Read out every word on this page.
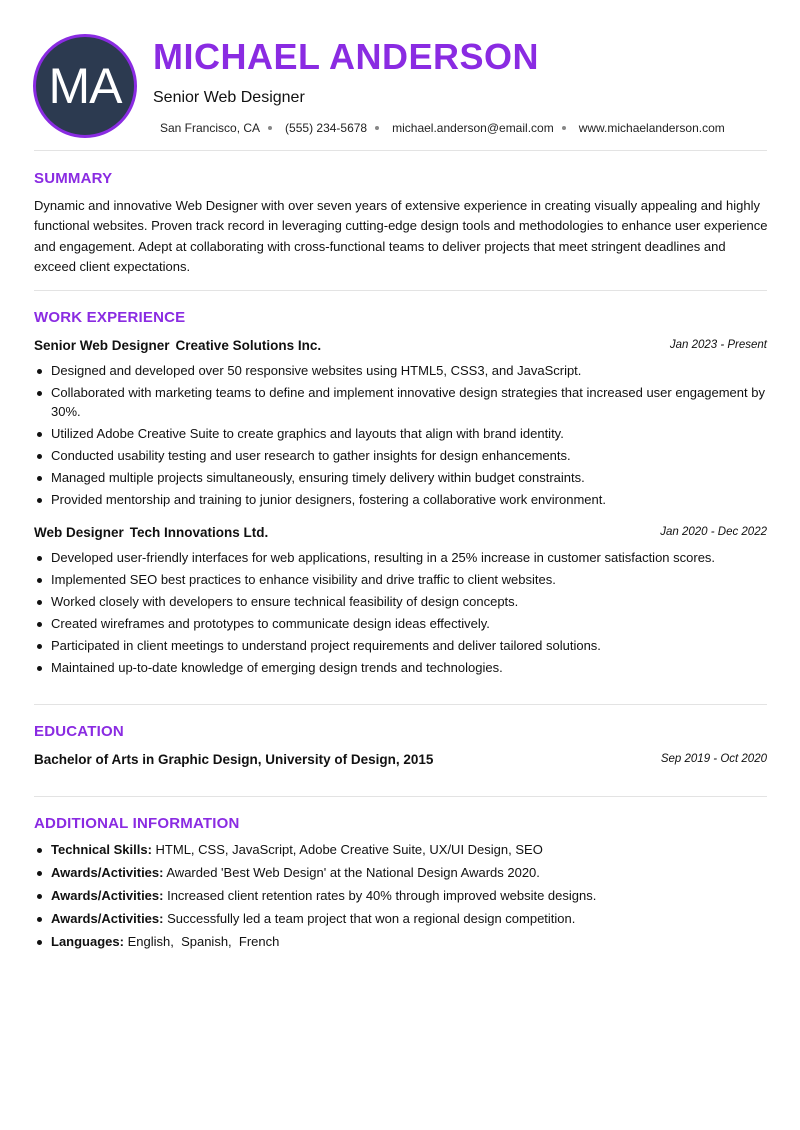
MA
MICHAEL ANDERSON
Senior Web Designer
San Francisco, CA (555) 234-5678 michael.anderson@email.com www.michaelanderson.com
SUMMARY

Dynamic and innovative Web Designer with over seven years of extensive experience in creating visually appealing and highly functional websites. Proven track record in leveraging cutting-edge design tools and methodologies to enhance user experience and engagement. Adept at collaborating with cross-functional teams to deliver projects that meet stringent deadlines and exceed client expectations.

WORK EXPERIENCE
Senior Web Designer Creative Solutions Inc.	Jan 2023 - Present
Designed and developed over 50 responsive websites using HTML5, CSS3, and JavaScript.
Collaborated with marketing teams to define and implement innovative design strategies that increased user engagement by 30%.
Utilized Adobe Creative Suite to create graphics and layouts that align with brand identity.
Conducted usability testing and user research to gather insights for design enhancements.
Managed multiple projects simultaneously, ensuring timely delivery within budget constraints.
Provided mentorship and training to junior designers, fostering a collaborative work environment.
Web Designer Tech Innovations Ltd.	Jan 2020 - Dec 2022
Developed user-friendly interfaces for web applications, resulting in a 25% increase in customer satisfaction scores.
Implemented SEO best practices to enhance visibility and drive traffic to client websites.
Worked closely with developers to ensure technical feasibility of design concepts.
Created wireframes and prototypes to communicate design ideas effectively.
Participated in client meetings to understand project requirements and deliver tailored solutions.
Maintained up-to-date knowledge of emerging design trends and technologies.
EDUCATION
Bachelor of Arts in Graphic Design, University of Design, 2015	Sep 2019 - Oct 2020
ADDITIONAL INFORMATION
Technical Skills: HTML, CSS, JavaScript, Adobe Creative Suite, UX/UI Design, SEO
Awards/Activities: Awarded 'Best Web Design' at the National Design Awards 2020.
Awards/Activities: Increased client retention rates by 40% through improved website designs.
Awards/Activities: Successfully led a team project that won a regional design competition.
Languages: English,  Spanish,  French
